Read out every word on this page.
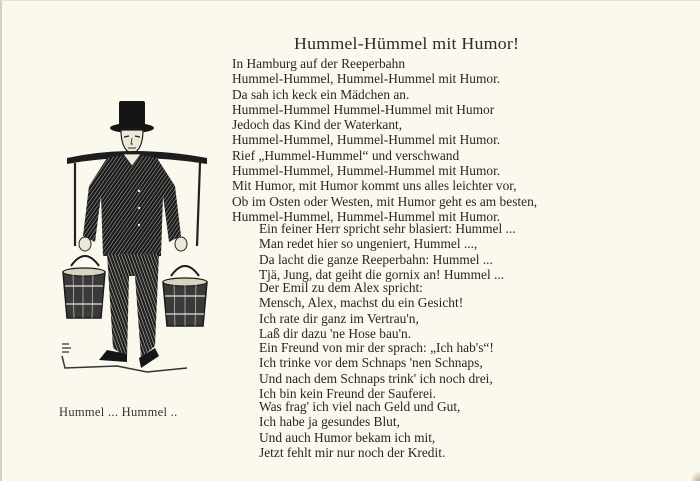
Hummel-Hümmel mit Humor!
In Hamburg auf der Reeperbahn
Hummel-Hummel, Hummel-Hummel mit Humor.
Da sah ich keck ein Mädchen an.
Hummel-Hummel Hummel-Hummel mit Humor
Jedoch das Kind der Waterkant,
Hummel-Hummel, Hummel-Hummel mit Humor.
Rief „Hummel-Hummel“ und verschwand
Hummel-Hummel, Hummel-Hummel mit Humor.
Mit Humor, mit Humor kommt uns alles leichter vor,
Ob im Osten oder Westen, mit Humor geht es am besten,
Hummel-Hummel, Hummel-Hummel mit Humor.
Ein feiner Herr spricht sehr blasiert: Hummel ...
Man redet hier so ungeniert, Hummel ...,
Da lacht die ganze Reeperbahn: Hummel ...
Tjä, Jung, dat geiht die gornix an! Hummel ...
Der Emil zu dem Alex spricht:
Mensch, Alex, machst du ein Gesicht!
Ich rate dir ganz im Vertrau'n,
Laß dir dazu 'ne Hose bau'n.
Ein Freund von mir der sprach: „Ich hab's“!
Ich trinke vor dem Schnaps 'nen Schnaps,
Und nach dem Schnaps trink' ich noch drei,
Ich bin kein Freund der Sauferei.
Was frag' ich viel nach Geld und Gut,
Ich habe ja gesundes Blut,
Und auch Humor bekam ich mit,
Jetzt fehlt mir nur noch der Kredit.
Hummel ... Hummel ..
